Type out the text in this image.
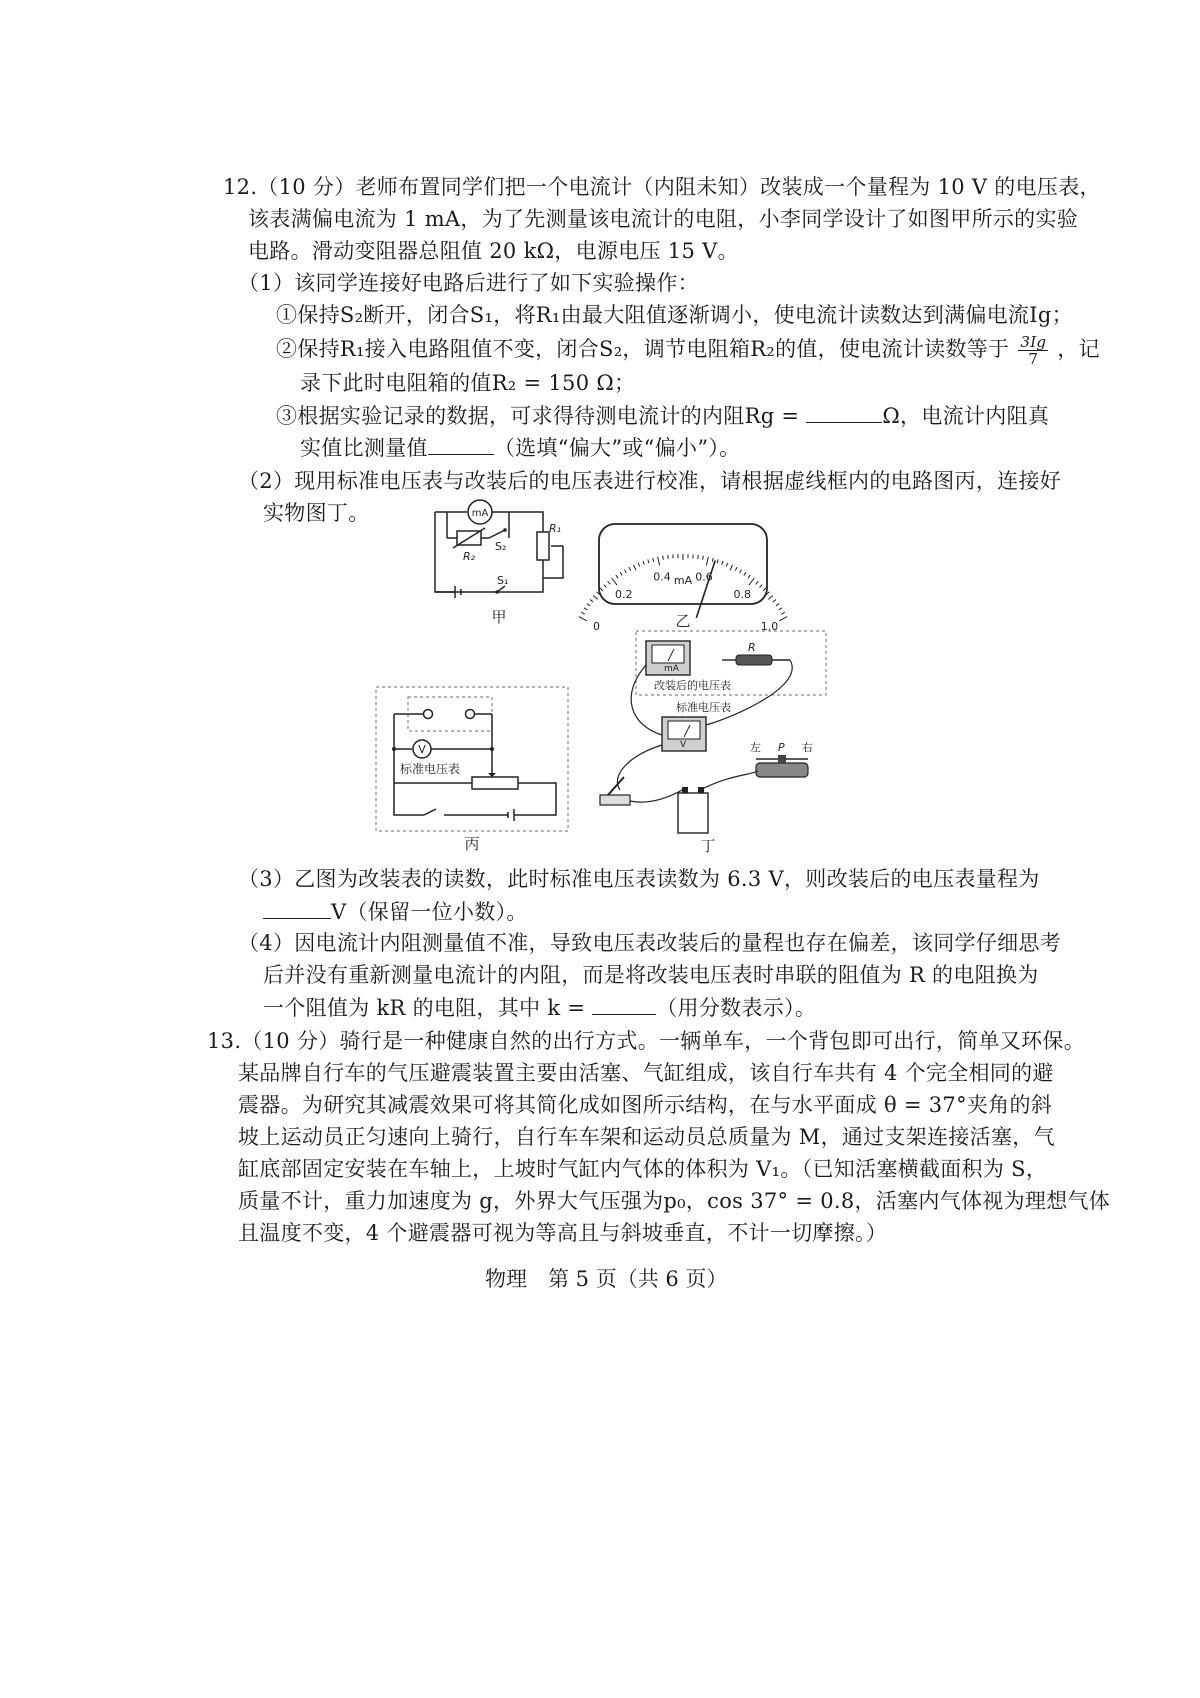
12.（10 分）老师布置同学们把一个电流计（内阻未知）改装成一个量程为 10 V 的电压表，
该表满偏电流为 1 mA，为了先测量该电流计的电阻，小李同学设计了如图甲所示的实验
电路。滑动变阻器总阻值 20 kΩ，电源电压 15 V。
（1）该同学连接好电路后进行了如下实验操作：
①保持S₂断开，闭合S₁，将R₁由最大阻值逐渐调小，使电流计读数达到满偏电流Ig；
②保持R₁接入电路阻值不变，闭合S₂，调节电阻箱R₂的值，使电流计读数等于 $\frac{3Ig}{7}$ ，记
录下此时电阻箱的值R₂ = 150 Ω；
③根据实验记录的数据，可求得待测电流计的内阻Rg =	Ω，电流计内阻真
实值比测量值	（选填“偏大”或“偏小”）。
（2）现用标准电压表与改装后的电压表进行校准，请根据虚线框内的电路图丙，连接好
实物图丁。	mA
R₂
S₂
R₁
S₁
甲
0
0.2
0.4 0.6
0.8
1.0
mA
乙
V
标准电压表
丙
mA
改装后的电压表
R
标准电压表
V	左 P 右
丁
（3）乙图为改装表的读数，此时标准电压表读数为 6.3 V，则改装后的电压表量程为
V（保留一位小数）。
（4）因电流计内阻测量值不准，导致电压表改装后的量程也存在偏差，该同学仔细思考
后并没有重新测量电流计的内阻，而是将改装电压表时串联的阻值为 R 的电阻换为
一个阻值为 kR 的电阻，其中 k =	（用分数表示）。
13.（10 分）骑行是一种健康自然的出行方式。一辆单车，一个背包即可出行，简单又环保。
某品牌自行车的气压避震装置主要由活塞、气缸组成，该自行车共有 4 个完全相同的避
震器。为研究其减震效果可将其简化成如图所示结构，在与水平面成 θ = 37°夹角的斜
坡上运动员正匀速向上骑行，自行车车架和运动员总质量为 M，通过支架连接活塞，气
缸底部固定安装在车轴上，上坡时气缸内气体的体积为 V₁。（已知活塞横截面积为 S，
质量不计，重力加速度为 g，外界大气压强为p₀，cos 37° = 0.8，活塞内气体视为理想气体
且温度不变，4 个避震器可视为等高且与斜坡垂直，不计一切摩擦。）
物理　第 5 页（共 6 页）
